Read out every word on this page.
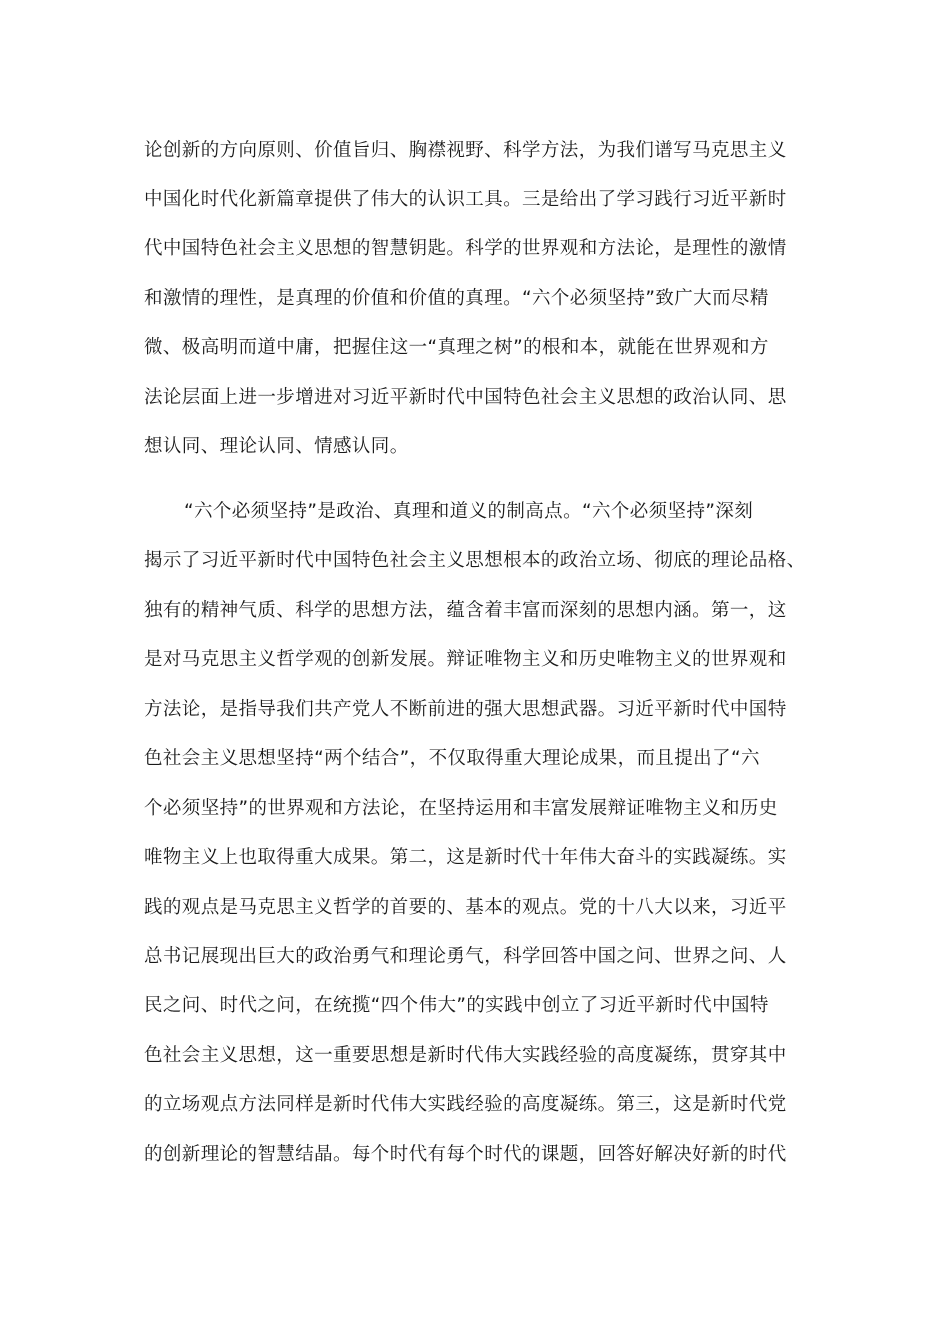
论创新的方向原则、价值旨归、胸襟视野、科学方法，为我们谱写马克思主义
中国化时代化新篇章提供了伟大的认识工具。三是给出了学习践行习近平新时
代中国特色社会主义思想的智慧钥匙。科学的世界观和方法论，是理性的激情
和激情的理性，是真理的价值和价值的真理。“六个必须坚持”致广大而尽精
微、极高明而道中庸，把握住这一“真理之树”的根和本，就能在世界观和方
法论层面上进一步增进对习近平新时代中国特色社会主义思想的政治认同、思
想认同、理论认同、情感认同。
“六个必须坚持”是政治、真理和道义的制高点。“六个必须坚持”深刻
揭示了习近平新时代中国特色社会主义思想根本的政治立场、彻底的理论品格、
独有的精神气质、科学的思想方法，蕴含着丰富而深刻的思想内涵。第一，这
是对马克思主义哲学观的创新发展。辩证唯物主义和历史唯物主义的世界观和
方法论，是指导我们共产党人不断前进的强大思想武器。习近平新时代中国特
色社会主义思想坚持“两个结合”，不仅取得重大理论成果，而且提出了“六
个必须坚持”的世界观和方法论，在坚持运用和丰富发展辩证唯物主义和历史
唯物主义上也取得重大成果。第二，这是新时代十年伟大奋斗的实践凝练。实
践的观点是马克思主义哲学的首要的、基本的观点。党的十八大以来，习近平
总书记展现出巨大的政治勇气和理论勇气，科学回答中国之问、世界之问、人
民之问、时代之问，在统揽“四个伟大”的实践中创立了习近平新时代中国特
色社会主义思想，这一重要思想是新时代伟大实践经验的高度凝练，贯穿其中
的立场观点方法同样是新时代伟大实践经验的高度凝练。第三，这是新时代党
的创新理论的智慧结晶。每个时代有每个时代的课题，回答好解决好新的时代
